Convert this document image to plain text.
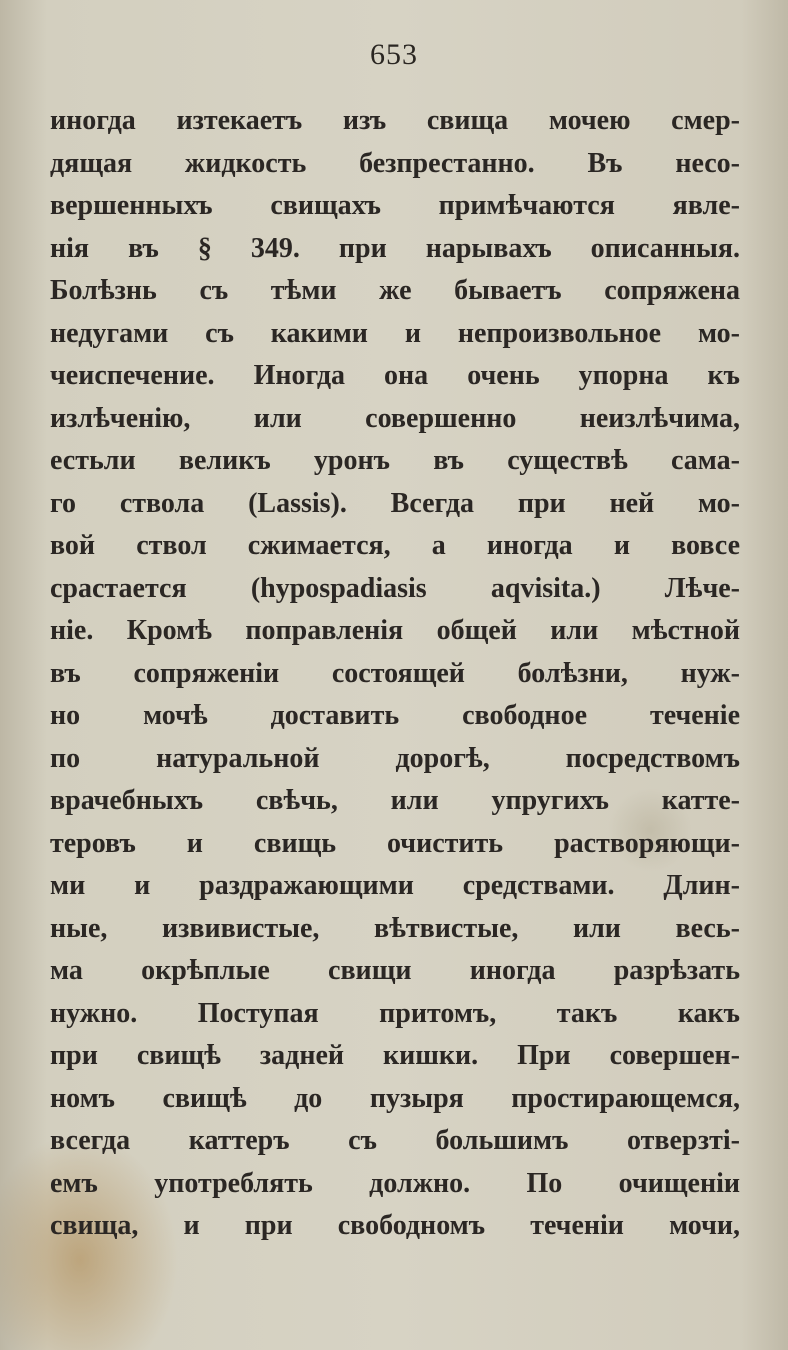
653
иногда изтекаетъ изъ свища мочею смер-
дящая жидкость безпрестанно. Въ несо-
вершенныхъ свищахъ примѣчаются явле-
нія въ § 349. при нарывахъ описанныя.
Болѣзнь съ тѣми же бываетъ сопряжена
недугами съ какими и непроизвольное мо-
чеиспечение. Иногда она очень упорна къ
излѣченію, или совершенно неизлѣчима,
естьли великъ уронъ въ существѣ сама-
го ствола (Lassis). Всегда при ней мо-
вой ствол сжимается, а иногда и вовсе
срастается (hypospadiasis aqvisita.) Лѣче-
ніе. Кромѣ поправленія общей или мѣстной
въ сопряженіи состоящей болѣзни, нуж-
но мочѣ доставить свободное теченіе
по натуральной дорогѣ, посредствомъ
врачебныхъ свѣчь, или упругихъ катте-
теровъ и свищь очистить растворяющи-
ми и раздражающими средствами. Длин-
ные, извивистые, вѣтвистые, или весь-
ма окрѣплые свищи иногда разрѣзать
нужно. Поступая притомъ, такъ какъ
при свищѣ задней кишки. При совершен-
номъ свищѣ до пузыря простирающемся,
всегда каттеръ съ большимъ отверзті-
емъ употреблять должно. По очищеніи
свища, и при свободномъ теченіи мочи,
